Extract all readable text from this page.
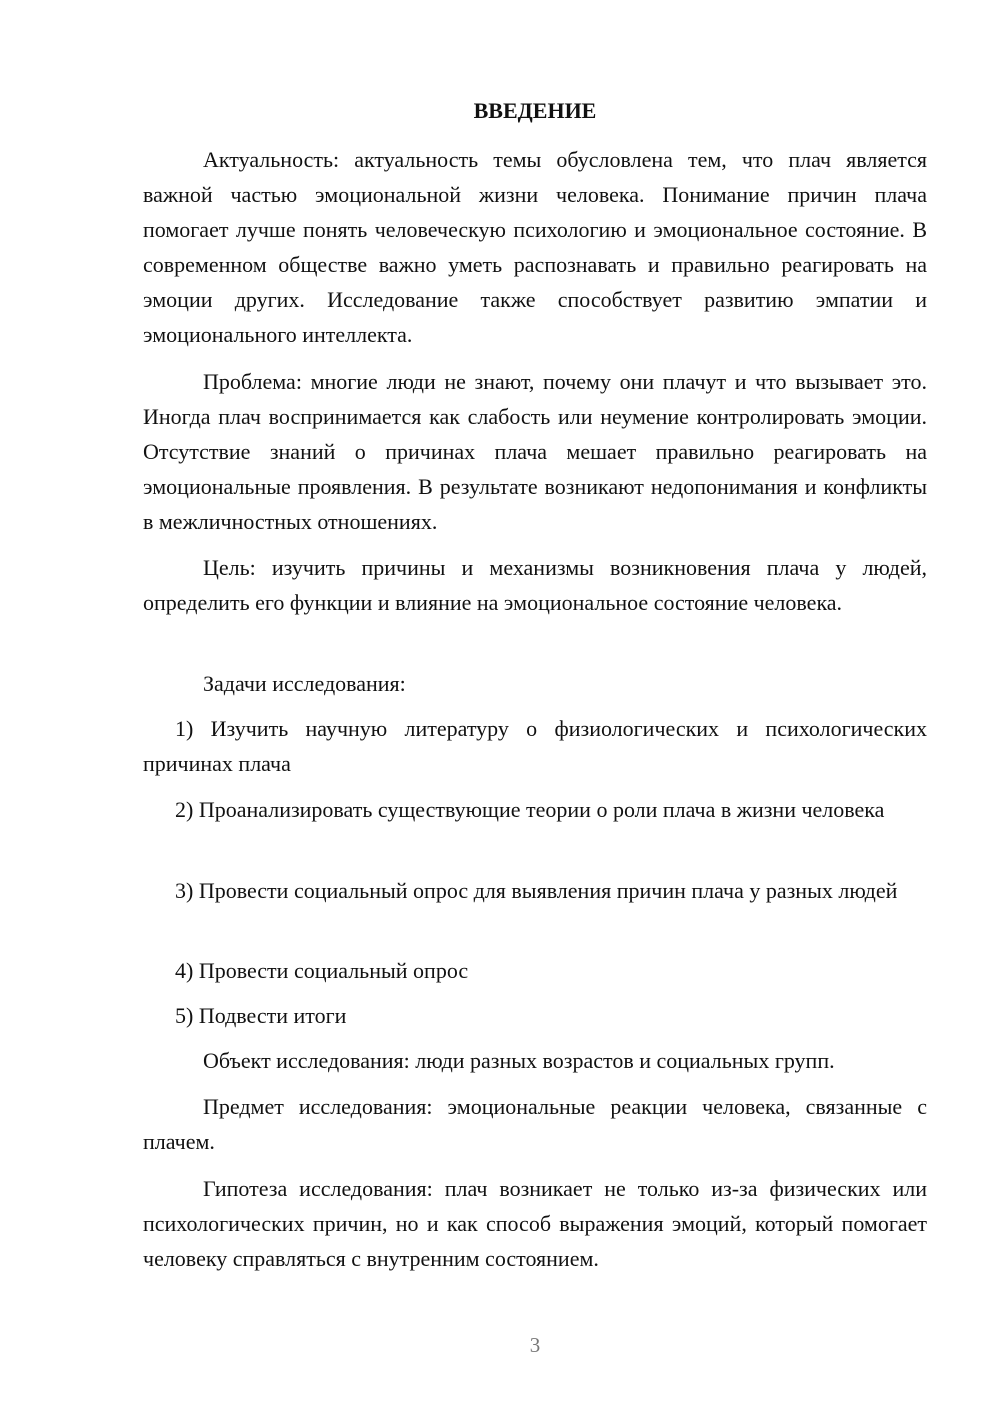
ВВЕДЕНИЕ

Актуальность: актуальность темы обусловлена тем, что плач является важной частью эмоциональной жизни человека. Понимание причин плача помогает лучше понять человеческую психологию и эмоциональное состояние. В современном обществе важно уметь распознавать и правильно реагировать на эмоции других. Исследование также способствует развитию эмпатии и эмоционального интеллекта.

Проблема: многие люди не знают, почему они плачут и что вызывает это. Иногда плач воспринимается как слабость или неумение контролировать эмоции. Отсутствие знаний о причинах плача мешает правильно реагировать на эмоциональные проявления. В результате возникают недопонимания и конфликты в межличностных отношениях.

Цель: изучить причины и механизмы возникновения плача у людей, определить его функции и влияние на эмоциональное состояние человека.

Задачи исследования:

1) Изучить научную литературу о физиологических и психологических причинах плача

2) Проанализировать существующие теории о роли плача в жизни человека

3) Провести социальный опрос для выявления причин плача у разных людей

4) Провести социальный опрос

5) Подвести итоги

Объект исследования: люди разных возрастов и социальных групп.

Предмет исследования: эмоциональные реакции человека, связанные с плачем.

Гипотеза исследования: плач возникает не только из-за физических или психологических причин, но и как способ выражения эмоций, который помогает человеку справляться с внутренним состоянием.

3
